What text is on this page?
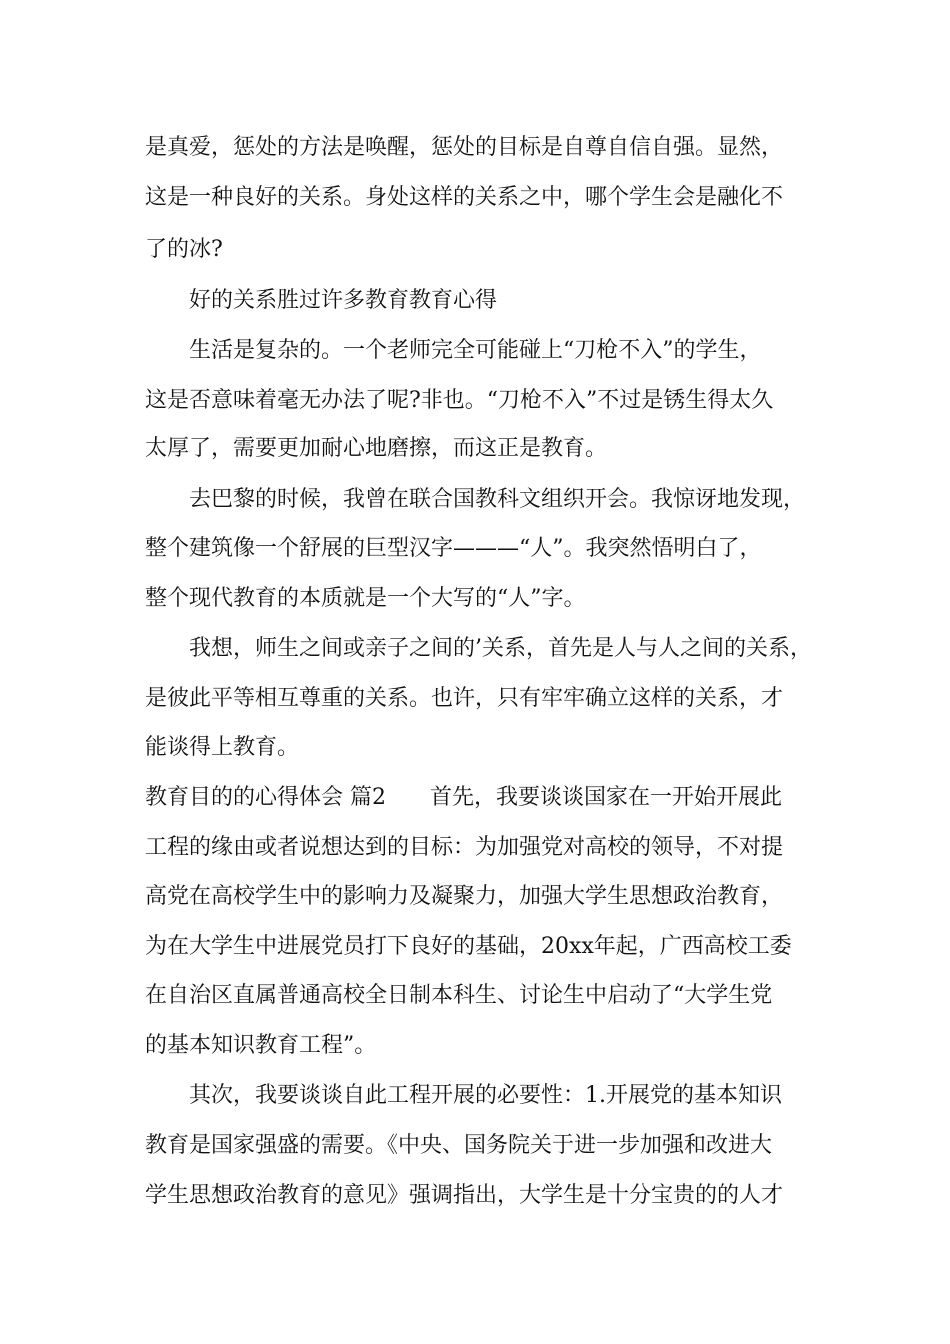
是真爱，惩处的方法是唤醒，惩处的目标是自尊自信自强。显然，

这是一种良好的关系。身处这样的关系之中，哪个学生会是融化不

了的冰?

好的关系胜过许多教育教育心得

生活是复杂的。一个老师完全可能碰上“刀枪不入”的学生，

这是否意味着毫无办法了呢?非也。“刀枪不入”不过是锈生得太久

太厚了，需要更加耐心地磨擦，而这正是教育。

去巴黎的时候，我曾在联合国教科文组织开会。我惊讶地发现，

整个建筑像一个舒展的巨型汉字———“人”。我突然悟明白了，

整个现代教育的本质就是一个大写的“人”字。

我想，师生之间或亲子之间的’关系，首先是人与人之间的关系，

是彼此平等相互尊重的关系。也许，只有牢牢确立这样的关系，才

能谈得上教育。

教育目的的心得体会 篇2 首先，我要谈谈国家在一开始开展此

工程的缘由或者说想达到的目标：为加强党对高校的领导，不对提

高党在高校学生中的影响力及凝聚力，加强大学生思想政治教育，

为在大学生中进展党员打下良好的基础，20xx年起，广西高校工委

在自治区直属普通高校全日制本科生、讨论生中启动了“大学生党

的基本知识教育工程”。

其次，我要谈谈自此工程开展的必要性：1.开展党的基本知识

教育是国家强盛的需要。《中央、国务院关于进一步加强和改进大

学生思想政治教育的意见》强调指出，大学生是十分宝贵的的人才
